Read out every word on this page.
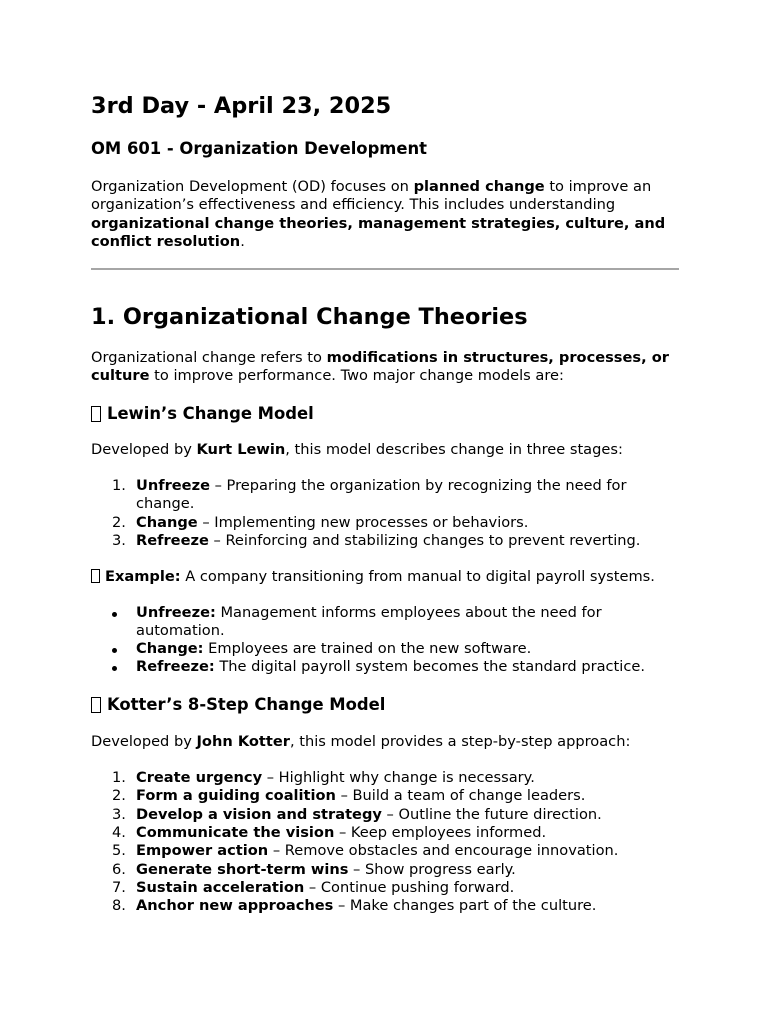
3rd Day - April 23, 2025
OM 601 - Organization Development

Organization Development (OD) focuses on planned change to improve an organization’s effectiveness and efficiency. This includes understanding organizational change theories, management strategies, culture, and conflict resolution.

1. Organizational Change Theories

Organizational change refers to modifications in structures, processes, or culture to improve performance. Two major change models are:

Lewin’s Change Model

Developed by Kurt Lewin, this model describes change in three stages:

1. Unfreeze – Preparing the organization by recognizing the need for change.
2. Change – Implementing new processes or behaviors.
3. Refreeze – Reinforcing and stabilizing changes to prevent reverting.

Example: A company transitioning from manual to digital payroll systems.

Unfreeze: Management informs employees about the need for automation.
Change: Employees are trained on the new software.
Refreeze: The digital payroll system becomes the standard practice.
Kotter’s 8-Step Change Model

Developed by John Kotter, this model provides a step-by-step approach:

1. Create urgency – Highlight why change is necessary.
2. Form a guiding coalition – Build a team of change leaders.
3. Develop a vision and strategy – Outline the future direction.
4. Communicate the vision – Keep employees informed.
5. Empower action – Remove obstacles and encourage innovation.
6. Generate short-term wins – Show progress early.
7. Sustain acceleration – Continue pushing forward.
8. Anchor new approaches – Make changes part of the culture.
